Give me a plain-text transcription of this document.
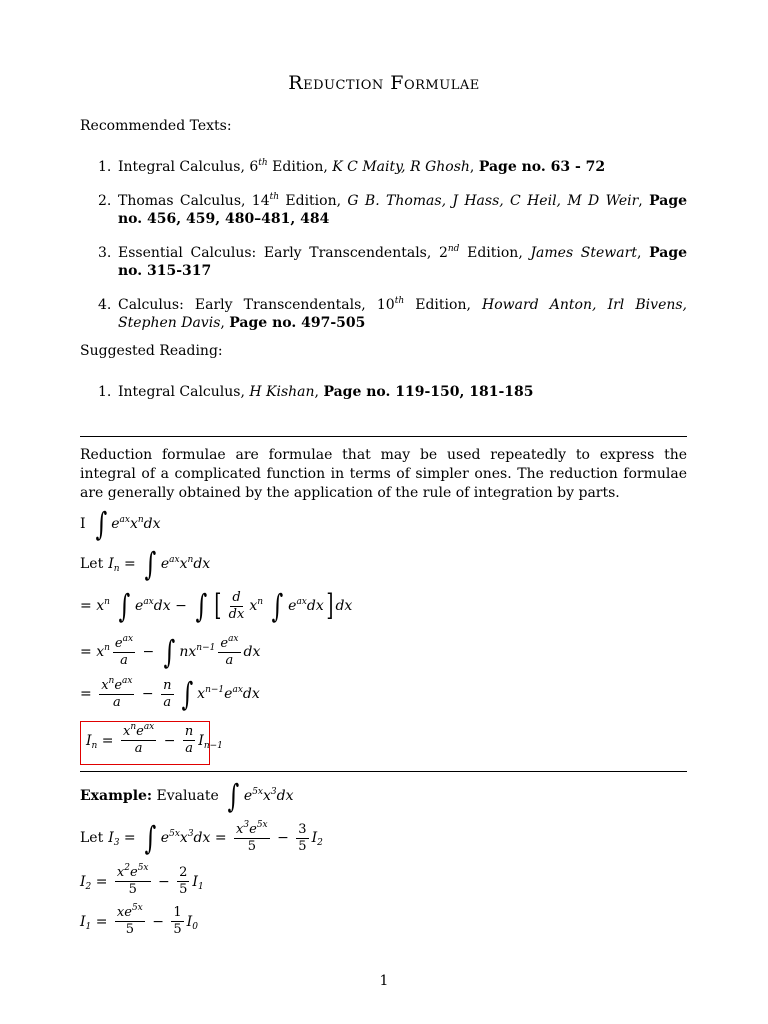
Reduction Formulae
Recommended Texts:
1. Integral Calculus, 6th Edition, K C Maity, R Ghosh, Page no. 63 - 72
2. Thomas Calculus, 14th Edition, G B. Thomas, J Hass, C Heil, M D Weir, Page no. 456, 459, 480–481, 484
3. Essential Calculus: Early Transcendentals, 2nd Edition, James Stewart, Page no. 315-317
4. Calculus: Early Transcendentals, 10th Edition, Howard Anton, Irl Bivens, Stephen Davis, Page no. 497-505
Suggested Reading:
1. Integral Calculus, H Kishan, Page no. 119-150, 181-185
Reduction formulae are formulae that may be used repeatedly to express the integral of a complicated function in terms of simpler ones. The reduction formulae are generally obtained by the application of the rule of integration by parts.
I ∫ $e^{ax}x^ndx$
Let $I_n$ = ∫ $e^{ax}x^ndx$
= $x^n$
∫ $e^{ax}dx$ − ∫ [ $\frac{d}{dx} x^n$
∫ $e^{ax}dx$ ] dx
= $x^n \frac{e^{ax}}{a}$ − ∫ $nx^{n-1} \frac{e^{ax}}{a}$ dx
= $\frac{x^ne^{ax}}{a} - \frac{n}{a}$ ∫ $x^{n-1}e^{ax}dx$
$I_n = \frac{x^ne^{ax}}{a} - \frac{n}{a} I_{n-1}$
Example:
Evaluate
∫ $e^{5x}x^3dx$
Let $I_3$ = ∫ $e^{5x}x^3dx = \frac{x^3e^{5x}}{5} - \frac{3}{5} I_2$
$I_2 = \frac{x^2e^{5x}}{5} - \frac{2}{5} I_1$
$I_1 = \frac{xe^{5x}}{5} - \frac{1}{5} I_0$
1
